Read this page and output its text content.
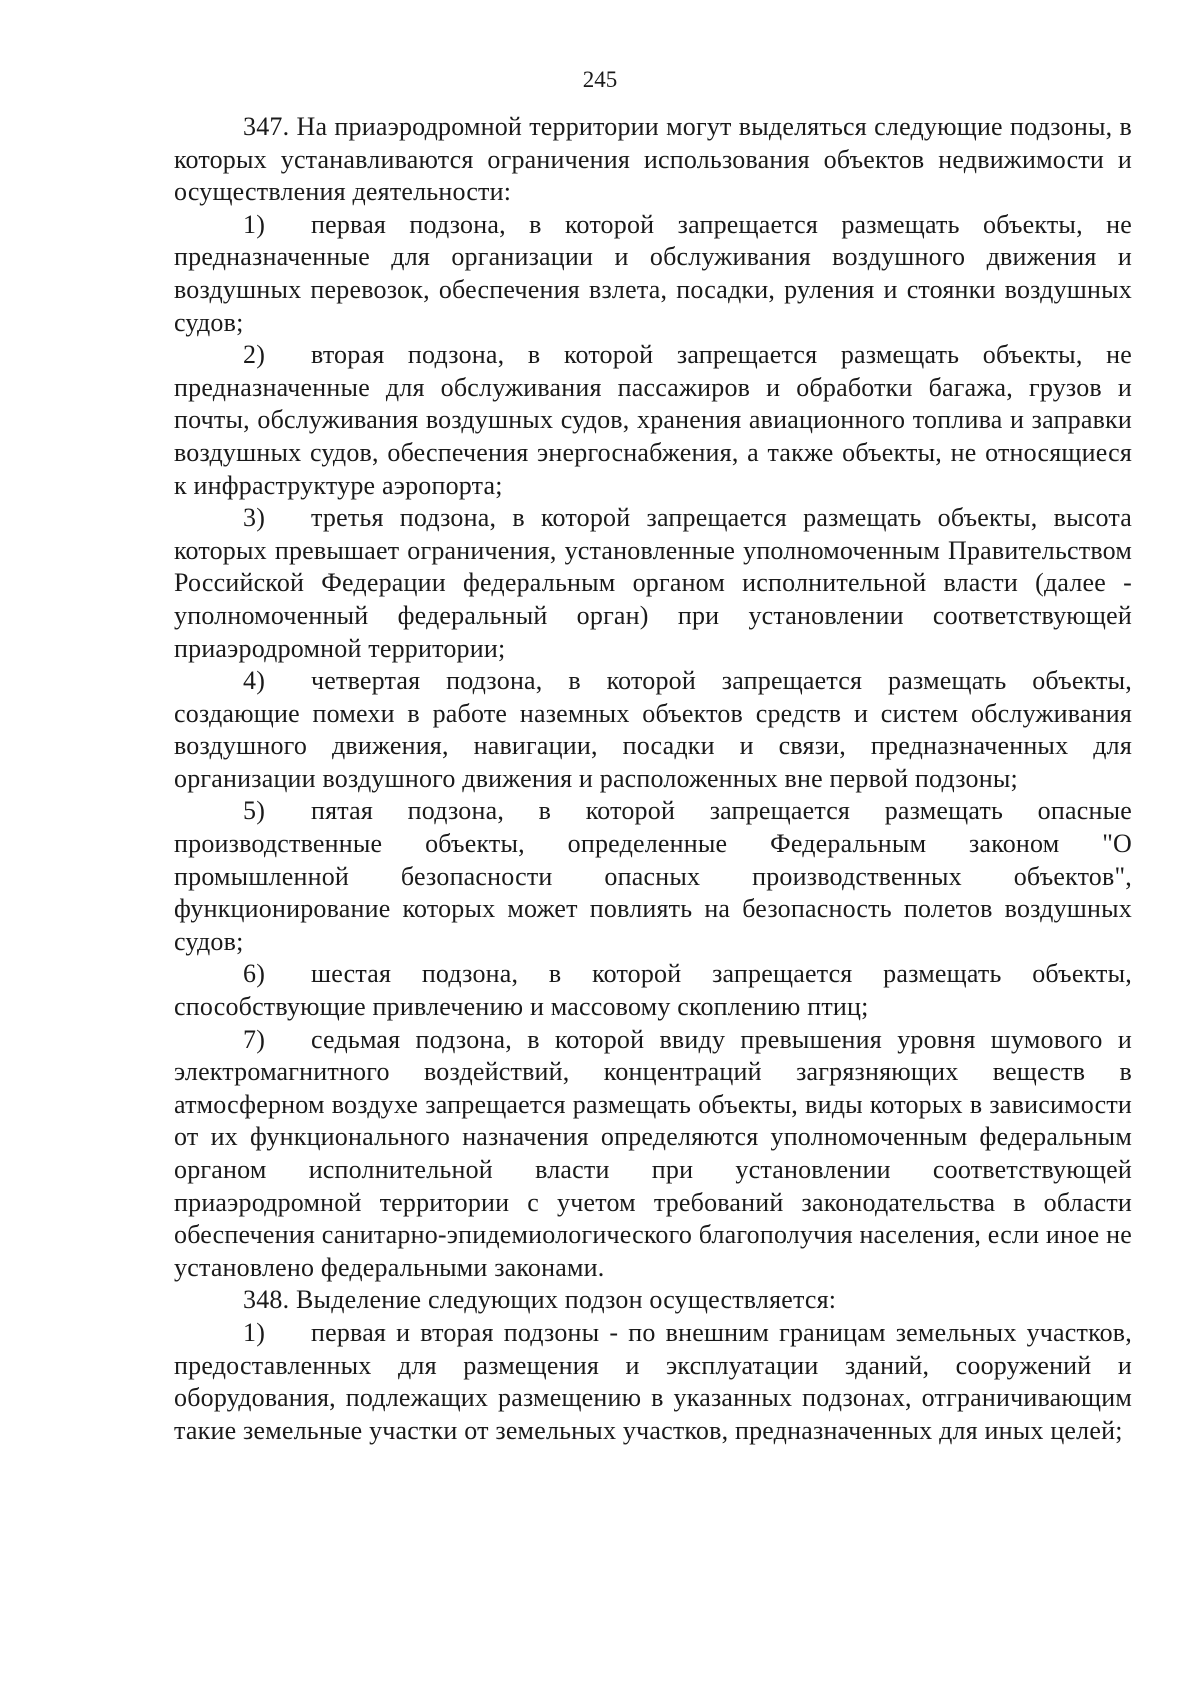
245

347. На приаэродромной территории могут выделяться следующие подзоны, в которых устанавливаются ограничения использования объектов недвижимости и осуществления деятельности:

1) первая подзона, в которой запрещается размещать объекты, не предназначенные для организации и обслуживания воздушного движения и воздушных перевозок, обеспечения взлета, посадки, руления и стоянки воздушных судов;

2) вторая подзона, в которой запрещается размещать объекты, не предназначенные для обслуживания пассажиров и обработки багажа, грузов и почты, обслуживания воздушных судов, хранения авиационного топлива и заправки воздушных судов, обеспечения энергоснабжения, а также объекты, не относящиеся к инфраструктуре аэропорта;

3) третья подзона, в которой запрещается размещать объекты, высота которых превышает ограничения, установленные уполномоченным Правительством Российской Федерации федеральным органом исполнительной власти (далее - уполномоченный федеральный орган) при установлении соответствующей приаэродромной территории;

4) четвертая подзона, в которой запрещается размещать объекты, создающие помехи в работе наземных объектов средств и систем обслуживания воздушного движения, навигации, посадки и связи, предназначенных для организации воздушного движения и расположенных вне первой подзоны;

5) пятая подзона, в которой запрещается размещать опасные производственные объекты, определенные Федеральным законом "О промышленной безопасности опасных производственных объектов", функционирование которых может повлиять на безопасность полетов воздушных судов;

6) шестая подзона, в которой запрещается размещать объекты, способствующие привлечению и массовому скоплению птиц;

7) седьмая подзона, в которой ввиду превышения уровня шумового и электромагнитного воздействий, концентраций загрязняющих веществ в атмосферном воздухе запрещается размещать объекты, виды которых в зависимости от их функционального назначения определяются уполномоченным федеральным органом исполнительной власти при установлении соответствующей приаэродромной территории с учетом требований законодательства в области обеспечения санитарно-эпидемиологического благополучия населения, если иное не установлено федеральными законами.

348. Выделение следующих подзон осуществляется:

1) первая и вторая подзоны - по внешним границам земельных участков, предоставленных для размещения и эксплуатации зданий, сооружений и оборудования, подлежащих размещению в указанных подзонах, отграничивающим такие земельные участки от земельных участков, предназначенных для иных целей;
